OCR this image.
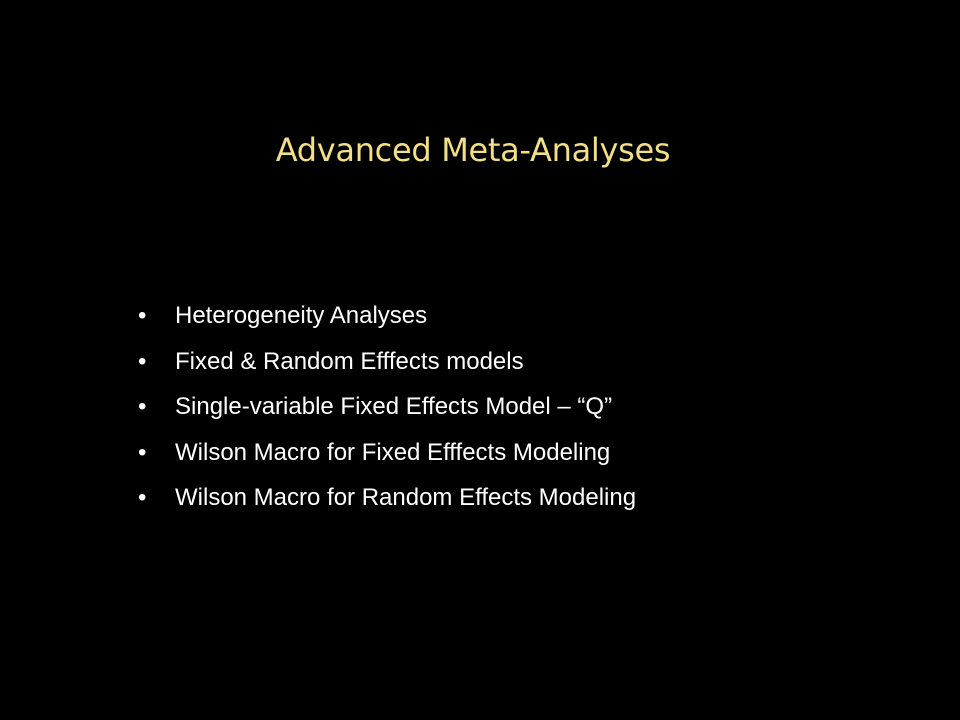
Advanced Meta-Analyses
•	Heterogeneity Analyses
•	Fixed & Random Efffects models
•	Single-variable Fixed Effects Model – “Q”
•	Wilson Macro for Fixed Efffects Modeling
•	Wilson Macro for Random Effects Modeling
